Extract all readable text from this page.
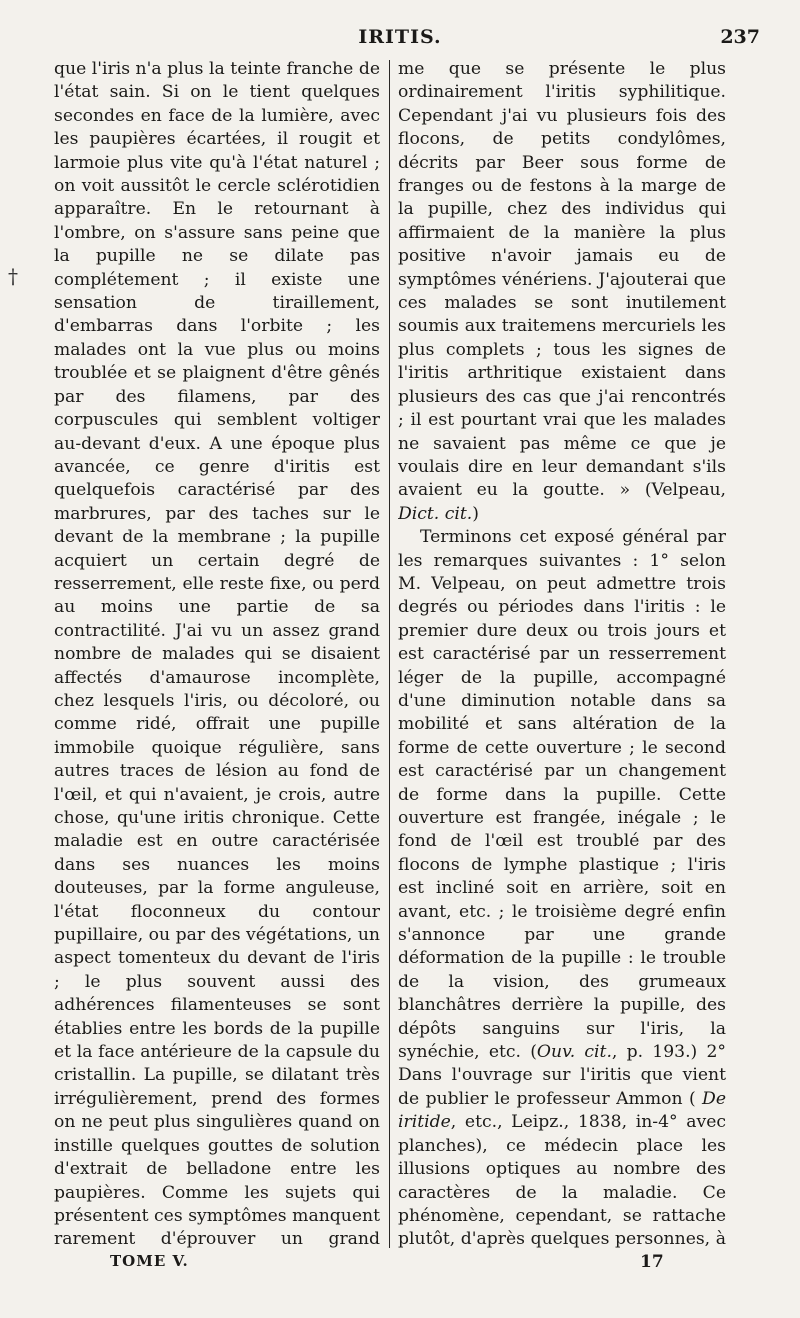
IRITIS.	237
†

que l'iris n'a plus la teinte franche de l'état sain. Si on le tient quelques secondes en face de la lumière, avec les paupières écartées, il rougit et larmoie plus vite qu'à l'état naturel ; on voit aussitôt le cercle sclérotidien apparaître. En le retournant à l'ombre, on s'assure sans peine que la pupille ne se dilate pas complétement ; il existe une sensation de tiraillement, d'embarras dans l'orbite ; les malades ont la vue plus ou moins troublée et se plaignent d'être gênés par des filamens, par des corpuscules qui semblent voltiger au-devant d'eux. A une époque plus avancée, ce genre d'iritis est quelquefois caractérisé par des marbrures, par des taches sur le devant de la membrane ; la pupille acquiert un certain degré de resserrement, elle reste fixe, ou perd au moins une partie de sa contractilité. J'ai vu un assez grand nombre de malades qui se disaient affectés d'amaurose incomplète, chez lesquels l'iris, ou décoloré, ou comme ridé, offrait une pupille immobile quoique régulière, sans autres traces de lésion au fond de l'œil, et qui n'avaient, je crois, autre chose, qu'une iritis chronique. Cette maladie est en outre caractérisée dans ses nuances les moins douteuses, par la forme anguleuse, l'état floconneux du contour pupillaire, ou par des végétations, un aspect tomenteux du devant de l'iris ; le plus souvent aussi des adhérences filamenteuses se sont établies entre les bords de la pupille et la face antérieure de la capsule du cristallin. La pupille, se dilatant très irrégulièrement, prend des formes on ne peut plus singulières quand on instille quelques gouttes de solution d'extrait de belladone entre les paupières. Comme les sujets qui présentent ces symptômes manquent rarement d'éprouver un grand

me que se présente le plus ordinairement l'iritis syphilitique. Cependant j'ai vu plusieurs fois des flocons, de petits condylômes, décrits par Beer sous forme de franges ou de festons à la marge de la pupille, chez des individus qui affirmaient de la manière la plus positive n'avoir jamais eu de symptômes vénériens. J'ajouterai que ces malades se sont inutilement soumis aux traitemens mercuriels les plus complets ; tous les signes de l'iritis arthritique existaient dans plusieurs des cas que j'ai rencontrés ; il est pourtant vrai que les malades ne savaient pas même ce que je voulais dire en leur demandant s'ils avaient eu la goutte. » (Velpeau, Dict. cit.)

Terminons cet exposé général par les remarques suivantes : 1° selon M. Velpeau, on peut admettre trois degrés ou périodes dans l'iritis : le premier dure deux ou trois jours et est caractérisé par un resserrement léger de la pupille, accompagné d'une diminution notable dans sa mobilité et sans altération de la forme de cette ouverture ; le second est caractérisé par un changement de forme dans la pupille. Cette ouverture est frangée, inégale ; le fond de l'œil est troublé par des flocons de lymphe plastique ; l'iris est incliné soit en arrière, soit en avant, etc. ; le troisième degré enfin s'annonce par une grande déformation de la pupille : le trouble de la vision, des grumeaux blanchâtres derrière la pupille, des dépôts sanguins sur l'iris, la synéchie, etc. (Ouv. cit., p. 193.) 2° Dans l'ouvrage sur l'iritis que vient de publier le professeur Ammon ( De iritide, etc., Leipz., 1838, in-4° avec planches), ce médecin place les illusions optiques au nombre des caractères de la maladie. Ce phénomène, cependant, se rattache plutôt, d'après quelques personnes, à

TOME V.	17
